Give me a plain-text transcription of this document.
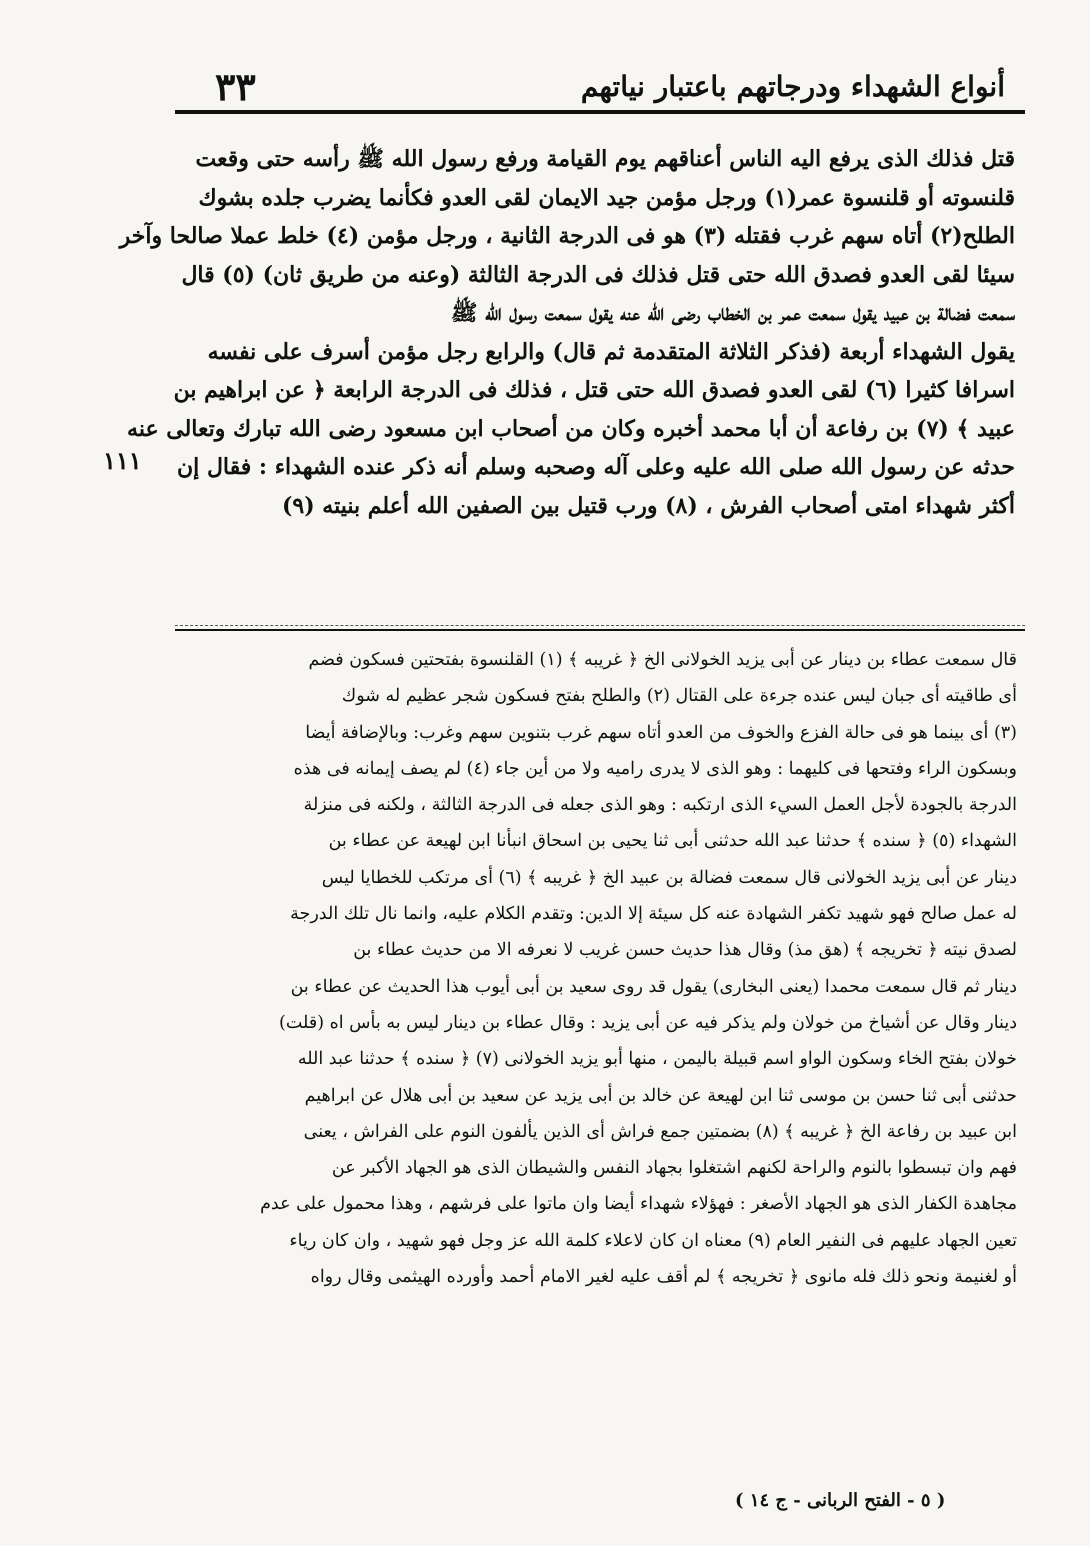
أنواع الشهداء ودرجاتهم باعتبار نياتهم
٣٣
قتل فذلك الذى يرفع اليه الناس أعناقهم يوم القيامة ورفع رسول الله ﷺ رأسه حتى وقعت
قلنسوته أو قلنسوة عمر(١) ورجل مؤمن جيد الايمان لقى العدو فكأنما يضرب جلده بشوك
الطلح(٢) أتاه سهم غرب فقتله (٣) هو فى الدرجة الثانية ، ورجل مؤمن (٤) خلط عملا صالحا وآخر
سيئا لقى العدو فصدق الله حتى قتل فذلك فى الدرجة الثالثة (وعنه من طريق ثان) (٥) قال
سمعت فضالة بن عبيد يقول سمعت عمر بن الخطاب رضى الله عنه يقول سمعت رسول الله ﷺ
يقول الشهداء أربعة (فذكر الثلاثة المتقدمة ثم قال) والرابع رجل مؤمن أسرف على نفسه
اسرافا كثيرا (٦) لقى العدو فصدق الله حتى قتل ، فذلك فى الدرجة الرابعة ﴿ عن ابراهيم بن
عبيد ﴾ (٧) بن رفاعة أن أبا محمد أخبره وكان من أصحاب ابن مسعود رضى الله تبارك وتعالى عنه
حدثه عن رسول الله صلى الله عليه وعلى آله وصحبه وسلم أنه ذكر عنده الشهداء : فقال إن
أكثر شهداء امتى أصحاب الفرش ، (٨) ورب قتيل بين الصفين الله أعلم بنيته (٩)
١١١
قال سمعت عطاء بن دينار عن أبى يزيد الخولانى الخ ﴿ غريبه ﴾ (١) القلنسوة بفتحتين فسكون فضم
أى طاقيته أى جبان ليس عنده جرءة على القتال (٢) والطلح بفتح فسكون شجر عظيم له شوك
(٣) أى بينما هو فى حالة الفزع والخوف من العدو أتاه سهم غرب بتنوين سهم وغرب: وبالإضافة أيضا
وبسكون الراء وفتحها فى كليهما : وهو الذى لا يدرى راميه ولا من أين جاء (٤) لم يصف إيمانه فى هذه
الدرجة بالجودة لأجل العمل السيء الذى ارتكبه : وهو الذى جعله فى الدرجة الثالثة ، ولكنه فى منزلة
الشهداء (٥) ﴿ سنده ﴾ حدثنا عبد الله حدثنى أبى ثنا يحيى بن اسحاق انبأنا ابن لهيعة عن عطاء بن
دينار عن أبى يزيد الخولانى قال سمعت فضالة بن عبيد الخ ﴿ غريبه ﴾ (٦) أى مرتكب للخطايا ليس
له عمل صالح فهو شهيد تكفر الشهادة عنه كل سيئة إلا الدين: وتقدم الكلام عليه، وانما نال تلك الدرجة
لصدق نيته ﴿ تخريجه ﴾ (هق مذ) وقال هذا حديث حسن غريب لا نعرفه الا من حديث عطاء بن
دينار ثم قال سمعت محمدا (يعنى البخارى) يقول قد روى سعيد بن أبى أيوب هذا الحديث عن عطاء بن
دينار وقال عن أشياخ من خولان ولم يذكر فيه عن أبى يزيد : وقال عطاء بن دينار ليس به بأس اه (قلت)
خولان بفتح الخاء وسكون الواو اسم قبيلة باليمن ، منها أبو يزيد الخولانى (٧) ﴿ سنده ﴾ حدثنا عبد الله
حدثنى أبى ثنا حسن بن موسى ثنا ابن لهيعة عن خالد بن أبى يزيد عن سعيد بن أبى هلال عن ابراهيم
ابن عبيد بن رفاعة الخ ﴿ غريبه ﴾ (٨) بضمتين جمع فراش أى الذين يألفون النوم على الفراش ، يعنى
فهم وان تبسطوا بالنوم والراحة لكنهم اشتغلوا بجهاد النفس والشيطان الذى هو الجهاد الأكبر عن
مجاهدة الكفار الذى هو الجهاد الأصغر : فهؤلاء شهداء أيضا وان ماتوا على فرشهم ، وهذا محمول على عدم
تعين الجهاد عليهم فى النفير العام (٩) معناه ان كان لاعلاء كلمة الله عز وجل فهو شهيد ، وان كان رياء
أو لغنيمة ونحو ذلك فله مانوى ﴿ تخريجه ﴾ لم أقف عليه لغير الامام أحمد وأورده الهيثمى وقال رواه
( ٥ - الفتح الربانى - ج ١٤ )
